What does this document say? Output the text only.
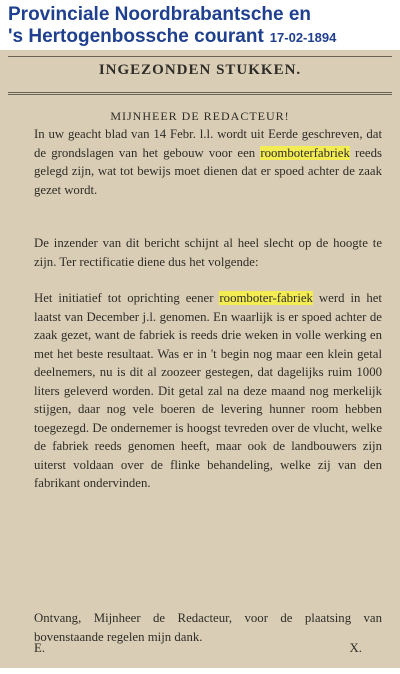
Provinciale Noordbrabantsche en
's Hertogenbossche courant 17-02-1894
INGEZONDEN STUKKEN.
MIJNHEER DE REDACTEUR!
In uw geacht blad van 14 Febr. l.l. wordt uit Eerde geschreven, dat de grondslagen van het gebouw voor een roomboterfabriek reeds gelegd zijn, wat tot bewijs moet dienen dat er spoed achter de zaak gezet wordt.
De inzender van dit bericht schijnt al heel slecht op de hoogte te zijn. Ter rectificatie diene dus het volgende:
Het initiatief tot oprichting eener roomboter-fabriek werd in het laatst van December j.l. genomen. En waarlijk is er spoed achter de zaak gezet, want de fabriek is reeds drie weken in volle werking en met het beste resultaat. Was er in 't begin nog maar een klein getal deelnemers, nu is dit al zoozeer gestegen, dat dagelijks ruim 1000 liters geleverd worden. Dit getal zal na deze maand nog merkelijk stijgen, daar nog vele boeren de levering hunner room hebben toegezegd. De ondernemer is hoogst tevreden over de vlucht, welke de fabriek reeds genomen heeft, maar ook de landbouwers zijn uiterst voldaan over de flinke behandeling, welke zij van den fabrikant ondervinden.
Ontvang, Mijnheer de Redacteur, voor de plaatsing van bovenstaande regelen mijn dank.
E.	X.
